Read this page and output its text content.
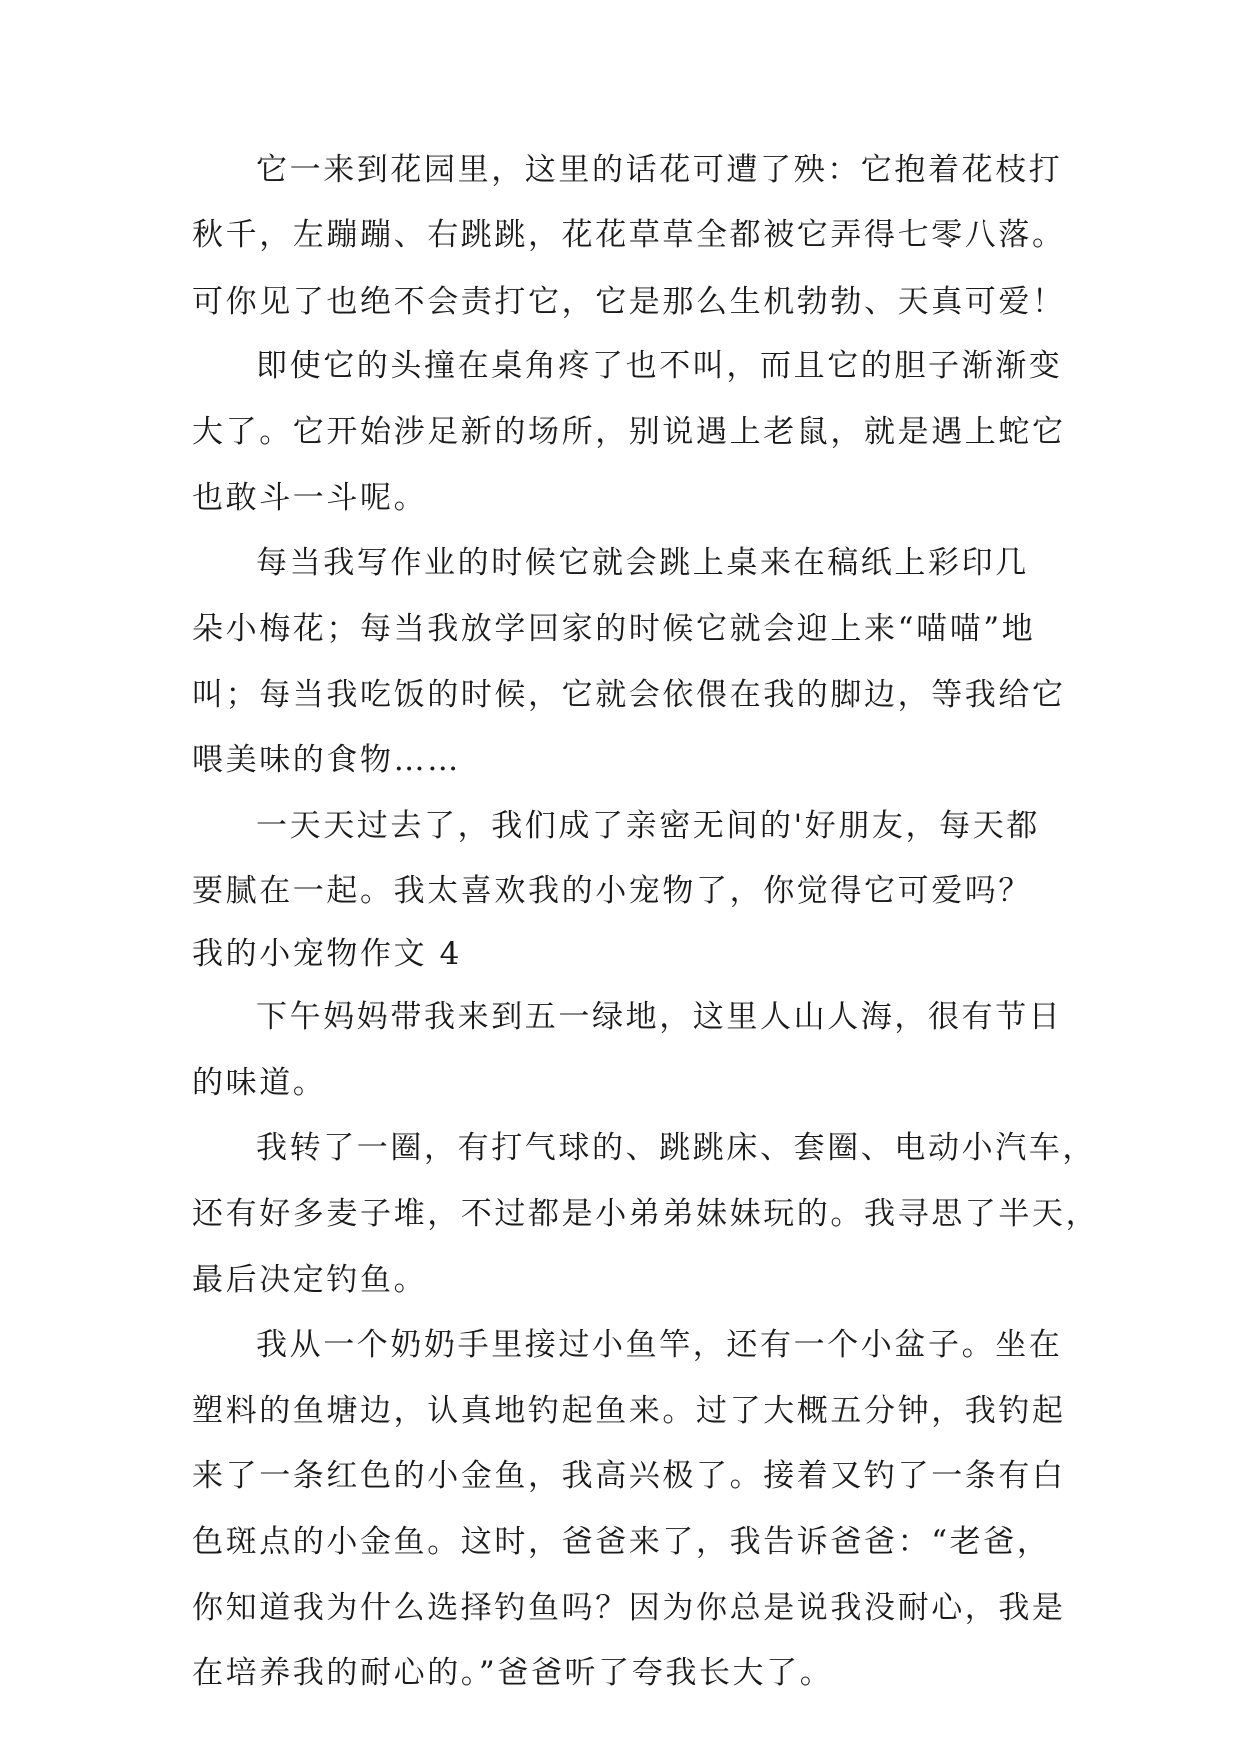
它一来到花园里，这里的话花可遭了殃：它抱着花枝打
秋千，左蹦蹦、右跳跳，花花草草全都被它弄得七零八落。
可你见了也绝不会责打它，它是那么生机勃勃、天真可爱！
即使它的头撞在桌角疼了也不叫，而且它的胆子渐渐变
大了。它开始涉足新的场所，别说遇上老鼠，就是遇上蛇它
也敢斗一斗呢。
每当我写作业的时候它就会跳上桌来在稿纸上彩印几
朵小梅花；每当我放学回家的时候它就会迎上来“喵喵”地
叫；每当我吃饭的时候，它就会依偎在我的脚边，等我给它
喂美味的食物……
一天天过去了，我们成了亲密无间的'好朋友，每天都
要腻在一起。我太喜欢我的小宠物了，你觉得它可爱吗？
我的小宠物作文 4
下午妈妈带我来到五一绿地，这里人山人海，很有节日
的味道。
我转了一圈，有打气球的、跳跳床、套圈、电动小汽车，
还有好多麦子堆，不过都是小弟弟妹妹玩的。我寻思了半天，
最后决定钓鱼。
我从一个奶奶手里接过小鱼竿，还有一个小盆子。坐在
塑料的鱼塘边，认真地钓起鱼来。过了大概五分钟，我钓起
来了一条红色的小金鱼，我高兴极了。接着又钓了一条有白
色斑点的小金鱼。这时，爸爸来了，我告诉爸爸：“老爸，
你知道我为什么选择钓鱼吗？因为你总是说我没耐心，我是
在培养我的耐心的。”爸爸听了夸我长大了。
